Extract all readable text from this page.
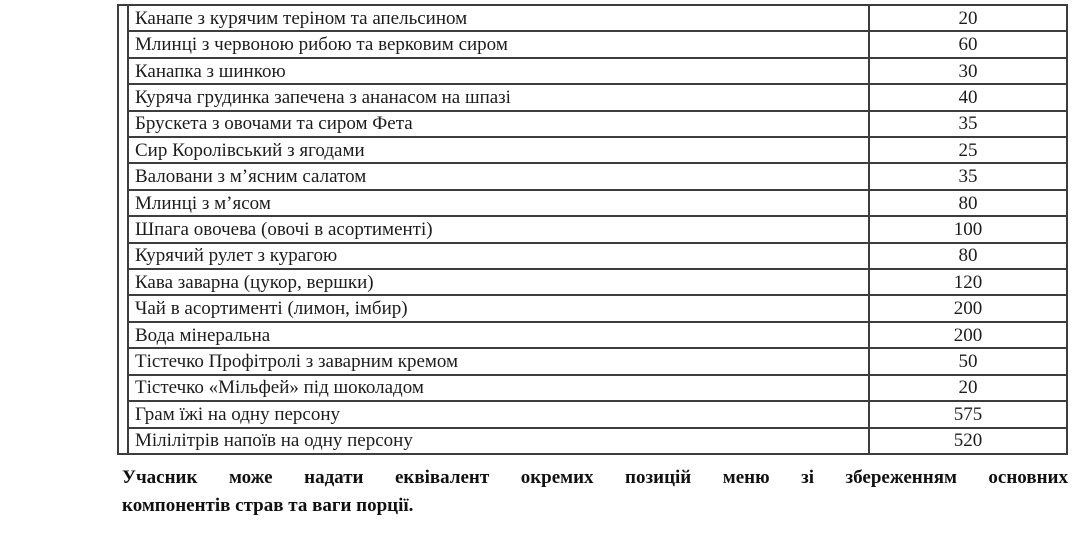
Канапе з курячим теріном та апельсином	20
Млинці з червоною рибою та верковим сиром	60
Канапка з шинкою	30
Куряча грудинка запечена з ананасом на шпазі	40
Брускета з овочами та сиром Фета	35
Сир Королівський з ягодами	25
Валовани з м’ясним салатом	35
Млинці з м’ясом	80
Шпага овочева (овочі в асортименті)	100
Курячий рулет з курагою	80
Кава заварна (цукор, вершки)	120
Чай в асортименті (лимон, імбир)	200
Вода мінеральна	200
Тістечко Профітролі з заварним кремом	50
Тістечко «Мільфей» під шоколадом	20
Грам їжі на одну персону	575
Мілілітрів напоїв на одну персону	520
Учасник може надати еквівалент окремих позицій меню зі збереженням основних
компонентів страв та ваги порції.
